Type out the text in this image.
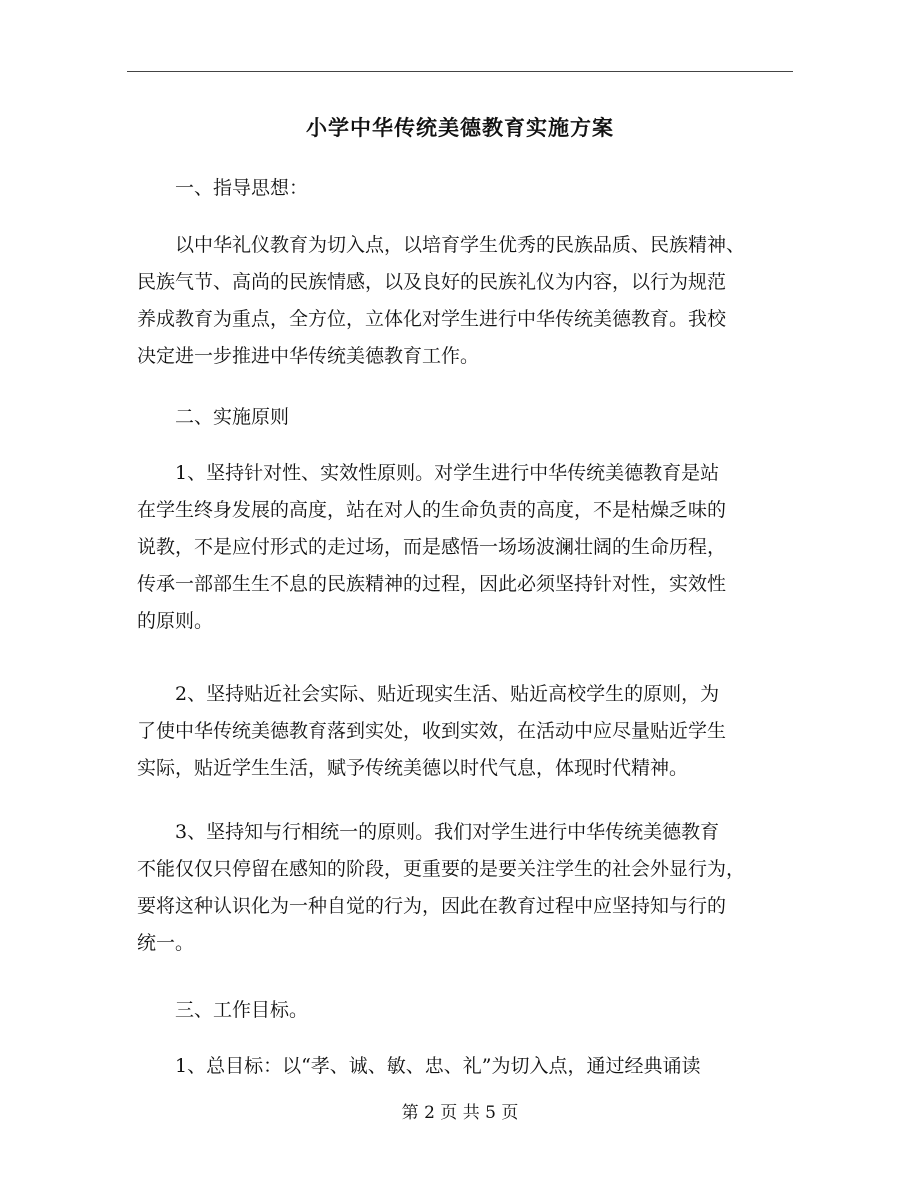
小学中华传统美德教育实施方案

一、指导思想：

以中华礼仪教育为切入点，以培育学生优秀的民族品质、民族精神、
民族气节、高尚的民族情感，以及良好的民族礼仪为内容，以行为规范
养成教育为重点，全方位，立体化对学生进行中华传统美德教育。我校
决定进一步推进中华传统美德教育工作。

二、实施原则

1、坚持针对性、实效性原则。对学生进行中华传统美德教育是站
在学生终身发展的高度，站在对人的生命负责的高度，不是枯燥乏味的
说教，不是应付形式的走过场，而是感悟一场场波澜壮阔的生命历程，
传承一部部生生不息的民族精神的过程，因此必须坚持针对性，实效性
的原则。

2、坚持贴近社会实际、贴近现实生活、贴近高校学生的原则，为
了使中华传统美德教育落到实处，收到实效，在活动中应尽量贴近学生
实际，贴近学生生活，赋予传统美德以时代气息，体现时代精神。

3、坚持知与行相统一的原则。我们对学生进行中华传统美德教育
不能仅仅只停留在感知的阶段，更重要的是要关注学生的社会外显行为，
要将这种认识化为一种自觉的行为，因此在教育过程中应坚持知与行的
统一。

三、工作目标。

1、总目标：以“孝、诚、敏、忠、礼”为切入点，通过经典诵读

第 2 页 共 5 页
